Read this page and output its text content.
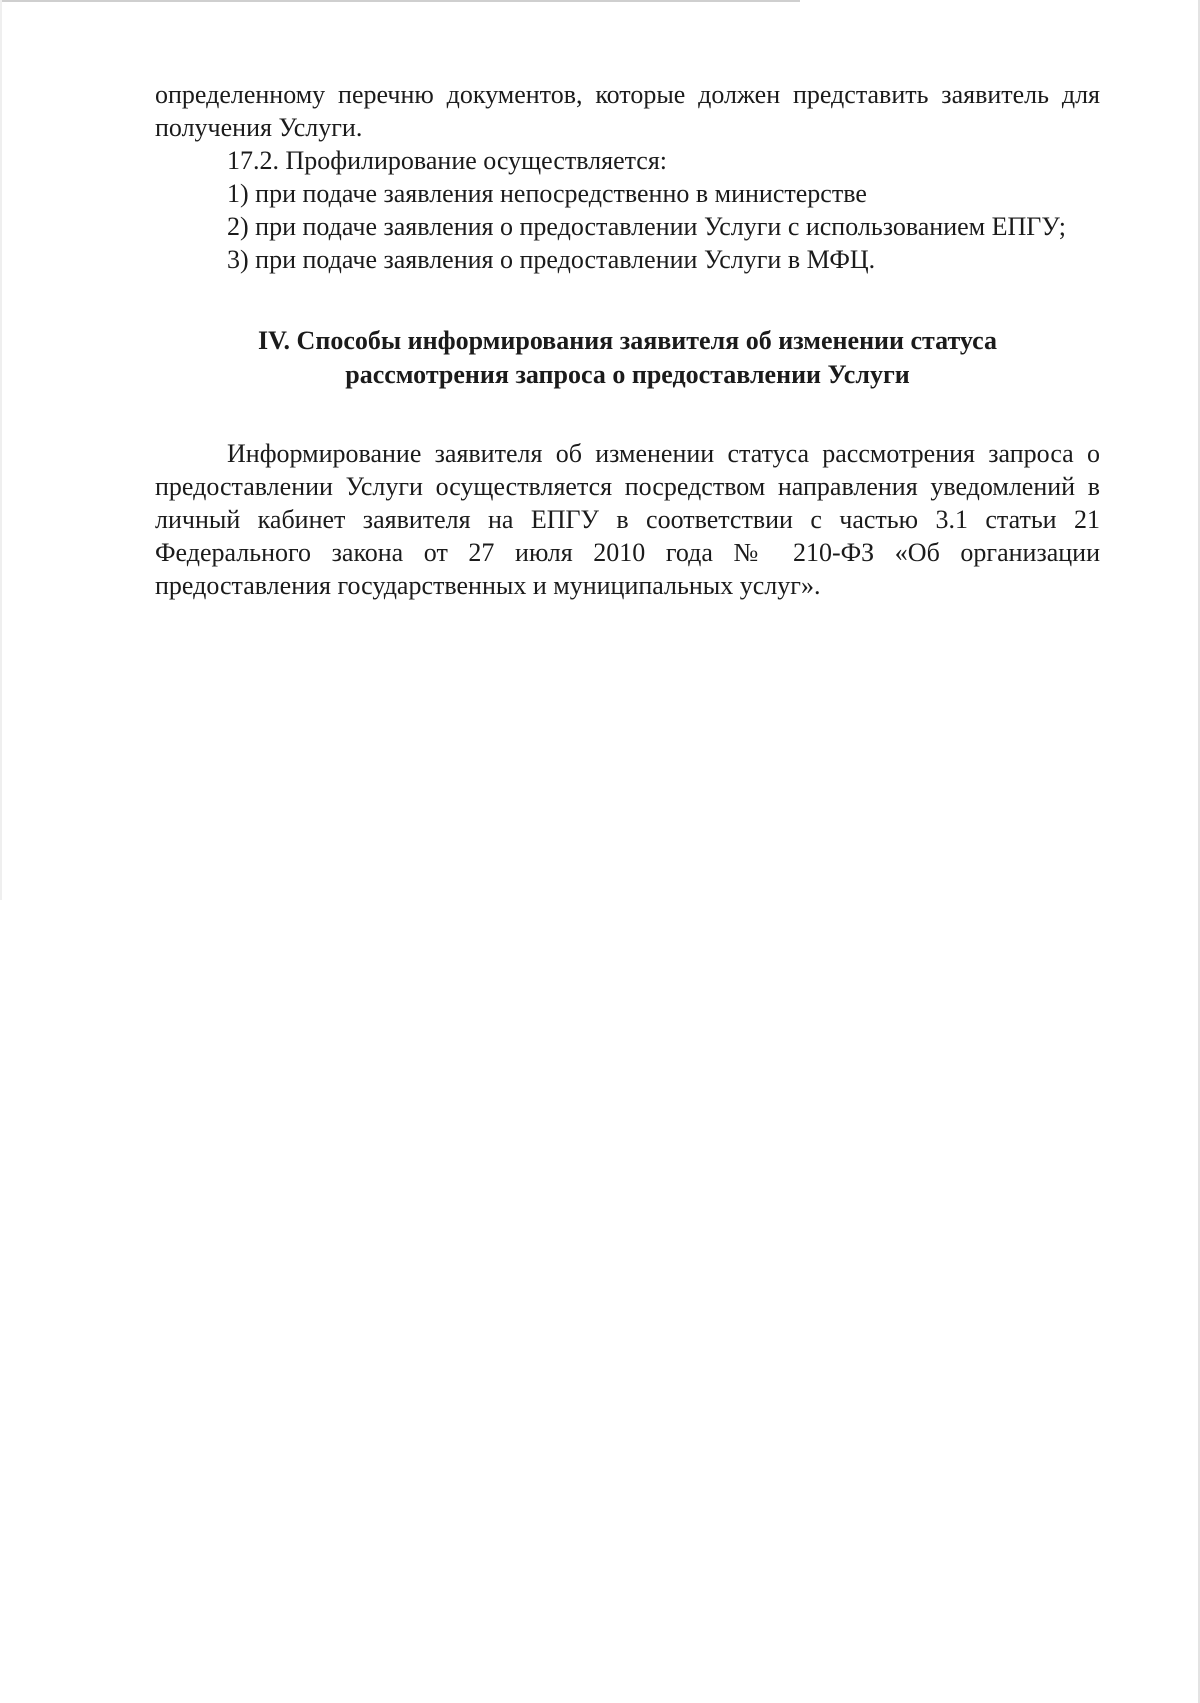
определенному перечню документов, которые должен представить заявитель для получения Услуги.

17.2. Профилирование осуществляется:

1) при подаче заявления непосредственно в министерстве

2) при подаче заявления о предоставлении Услуги с использованием ЕПГУ;

3) при подаче заявления о предоставлении Услуги в МФЦ.

IV. Способы информирования заявителя об изменении статуса
рассмотрения запроса о предоставлении Услуги

Информирование заявителя об изменении статуса рассмотрения запроса о предоставлении Услуги осуществляется посредством направления уведомлений в личный кабинет заявителя на ЕПГУ в соответствии с частью 3.1 статьи 21 Федерального закона от 27 июля 2010 года № 210-ФЗ «Об организации предоставления государственных и муниципальных услуг».
